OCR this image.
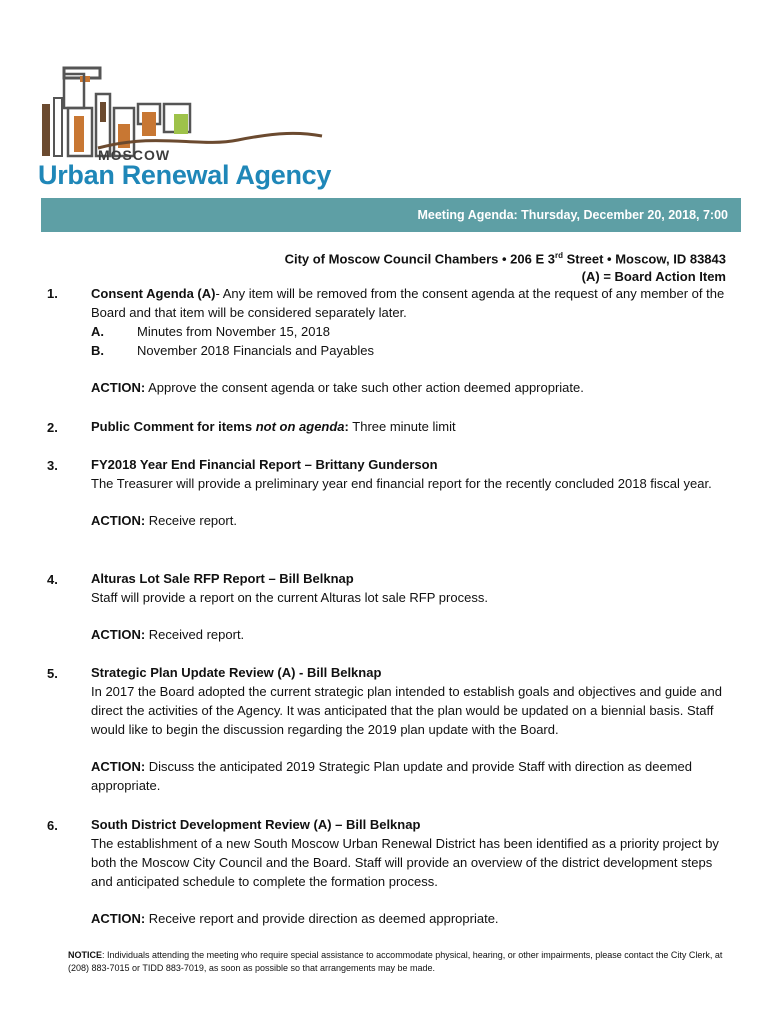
MOSCOW
Urban Renewal Agency
Meeting Agenda: Thursday, December 20, 2018, 7:00
City of Moscow Council Chambers • 206 E 3rd Street • Moscow, ID 83843
(A) = Board Action Item
1.	Consent Agenda (A)- Any item will be removed from the consent agenda at the request of any member of the Board and that item will be considered separately later.
A.	Minutes from November 15, 2018
B.	November 2018 Financials and Payables
ACTION: Approve the consent agenda or take such other action deemed appropriate.
2.	Public Comment for items not on agenda: Three minute limit
3.	FY2018 Year End Financial Report – Brittany Gunderson
The Treasurer will provide a preliminary year end financial report for the recently concluded 2018 fiscal year.
ACTION: Receive report.
4.	Alturas Lot Sale RFP Report – Bill Belknap
Staff will provide a report on the current Alturas lot sale RFP process.
ACTION: Received report.
5.	Strategic Plan Update Review (A) - Bill Belknap
In 2017 the Board adopted the current strategic plan intended to establish goals and objectives and guide and direct the activities of the Agency. It was anticipated that the plan would be updated on a biennial basis. Staff would like to begin the discussion regarding the 2019 plan update with the Board.
ACTION: Discuss the anticipated 2019 Strategic Plan update and provide Staff with direction as deemed appropriate.
6.	South District Development Review (A) – Bill Belknap
The establishment of a new South Moscow Urban Renewal District has been identified as a priority project by both the Moscow City Council and the Board. Staff will provide an overview of the district development steps and anticipated schedule to complete the formation process.
ACTION: Receive report and provide direction as deemed appropriate.
NOTICE: Individuals attending the meeting who require special assistance to accommodate physical, hearing, or other impairments, please contact the City Clerk, at (208) 883-7015 or TIDD 883-7019, as soon as possible so that arrangements may be made.
